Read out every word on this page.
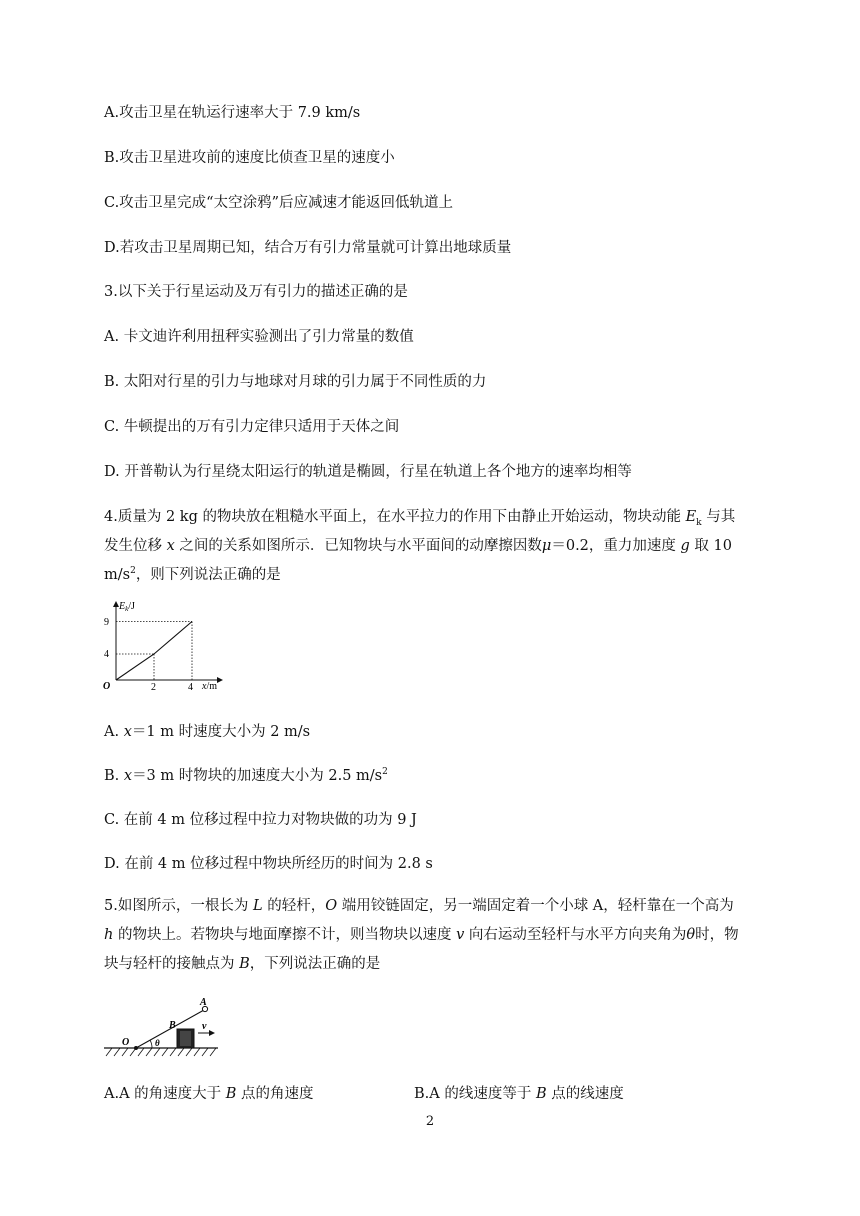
A.攻击卫星在轨运行速率大于 7.9 km/s
B.攻击卫星进攻前的速度比侦查卫星的速度小
C.攻击卫星完成“太空涂鸦”后应减速才能返回低轨道上
D.若攻击卫星周期已知，结合万有引力常量就可计算出地球质量
3.以下关于行星运动及万有引力的描述正确的是
A. 卡文迪许利用扭秤实验测出了引力常量的数值
B. 太阳对行星的引力与地球对月球的引力属于不同性质的力
C. 牛顿提出的万有引力定律只适用于天体之间
D. 开普勒认为行星绕太阳运行的轨道是椭圆，行星在轨道上各个地方的速率均相等
4.质量为 2 kg 的物块放在粗糙水平面上，在水平拉力的作用下由静止开始运动，物块动能 $E_k$ 与其
发生位移 x 之间的关系如图所示．已知物块与水平面间的动摩擦因数μ＝0.2，重力加速度 g 取 10
$m/s^2$，则下列说法正确的是
$E_k/J$
x/m
O
9
4
2	4
A. x＝1 m 时速度大小为 2 m/s
B. x＝3 m 时物块的加速度大小为 2.5 $m/s^2$
C. 在前 4 m 位移过程中拉力对物块做的功为 9 J
D. 在前 4 m 位移过程中物块所经历的时间为 2.8 s
5.如图所示，一根长为 L 的轻杆，O 端用铰链固定，另一端固定着一个小球 A，轻杆靠在一个高为
h 的物块上。若物块与地面摩擦不计，则当物块以速度 v 向右运动至轻杆与水平方向夹角为θ时，物
块与轻杆的接触点为 B，下列说法正确的是
A
B
O
v
θ
A.A 的角速度大于 B 点的角速度	B.A 的线速度等于 B 点的线速度
2
